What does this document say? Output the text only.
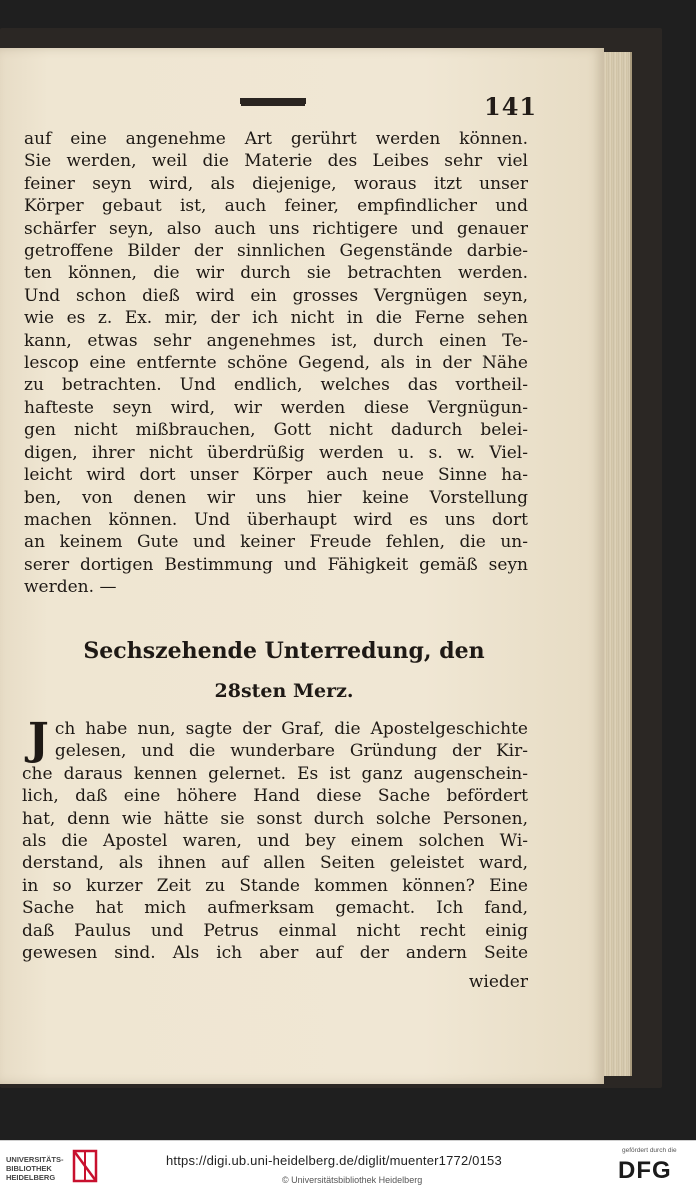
141
auf eine angenehme Art gerührt werden können.
Sie werden, weil die Materie des Leibes sehr viel
feiner seyn wird, als diejenige, woraus itzt unser
Körper gebaut ist, auch feiner, empfindlicher und
schärfer seyn, also auch uns richtigere und genauer
getroffene Bilder der sinnlichen Gegenstände darbie-
ten können, die wir durch sie betrachten werden.
Und schon dieß wird ein grosses Vergnügen seyn,
wie es z. Ex. mir, der ich nicht in die Ferne sehen
kann, etwas sehr angenehmes ist, durch einen Te-
lescop eine entfernte schöne Gegend, als in der Nähe
zu betrachten. Und endlich, welches das vortheil-
hafteste seyn wird, wir werden diese Vergnügun-
gen nicht mißbrauchen, Gott nicht dadurch belei-
digen, ihrer nicht überdrüßig werden u. s. w. Viel-
leicht wird dort unser Körper auch neue Sinne ha-
ben, von denen wir uns hier keine Vorstellung
machen können. Und überhaupt wird es uns dort
an keinem Gute und keiner Freude fehlen, die un-
serer dortigen Bestimmung und Fähigkeit gemäß seyn
werden. —
Sechszehende Unterredung, den
28sten Merz.
J ch habe nun, sagte der Graf, die Apostelgeschichte
gelesen, und die wunderbare Gründung der Kir-
che daraus kennen gelernet. Es ist ganz augenschein-
lich, daß eine höhere Hand diese Sache befördert
hat, denn wie hätte sie sonst durch solche Personen,
als die Apostel waren, und bey einem solchen Wi-
derstand, als ihnen auf allen Seiten geleistet ward,
in so kurzer Zeit zu Stande kommen können? Eine
Sache hat mich aufmerksam gemacht. Ich fand,
daß Paulus und Petrus einmal nicht recht einig
gewesen sind. Als ich aber auf der andern Seite
wieder
UNIVERSITÄTS-
BIBLIOTHEK
HEIDELBERG
https://digi.ub.uni-heidelberg.de/diglit/muenter1772/0153
© Universitätsbibliothek Heidelberg
gefördert durch die
DFG
